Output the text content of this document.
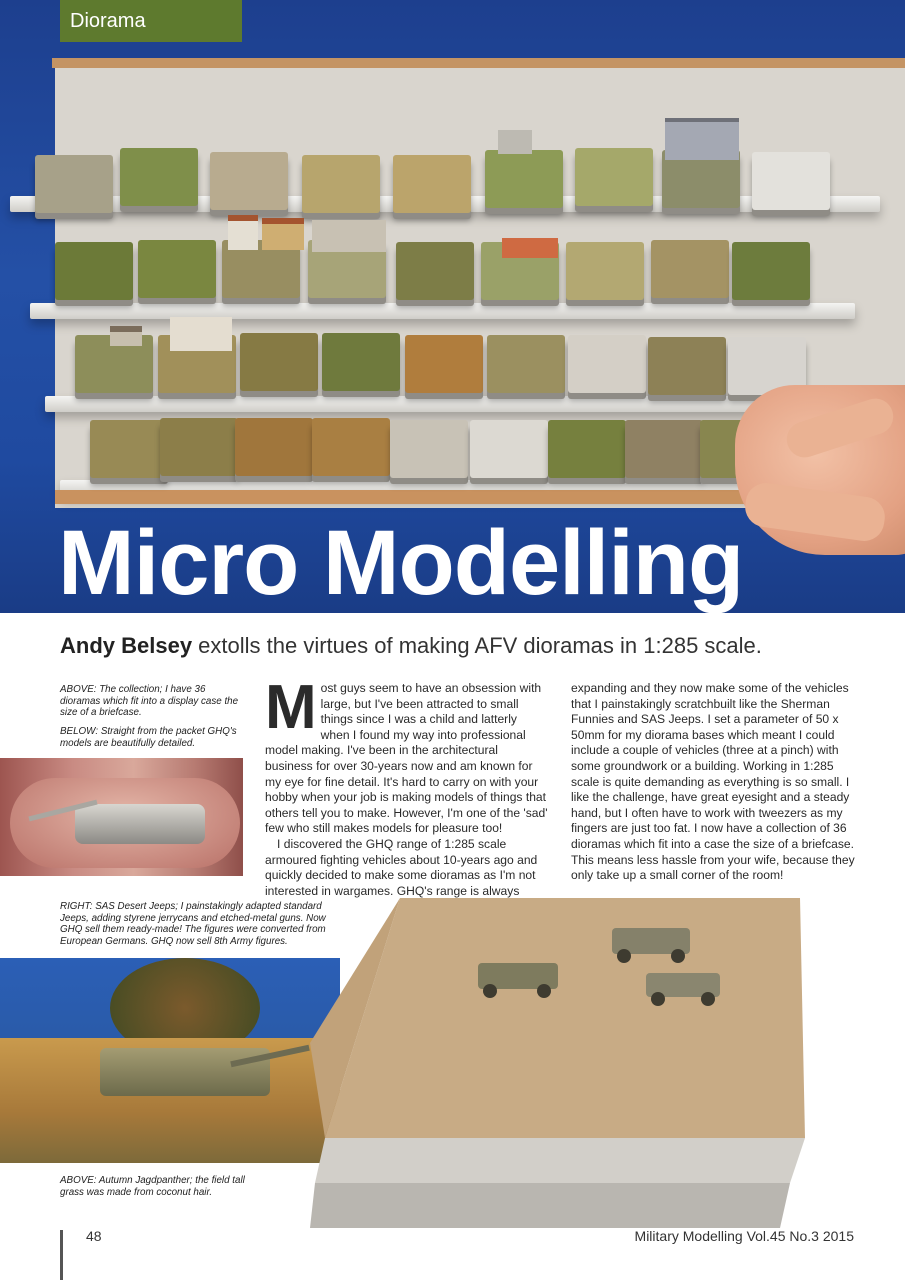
Diorama
Micro Modelling
Andy Belsey extolls the virtues of making AFV dioramas in 1:285 scale.
ABOVE: The collection; I have 36 dioramas which fit into a display case the size of a briefcase.
BELOW: Straight from the packet GHQ's models are beautifully detailed.

Most guys seem to have an obsession with large, but I've been attracted to small things since I was a child and latterly when I found my way into professional model making. I've been in the architectural business for over 30-years now and am known for my eye for fine detail. It's hard to carry on with your hobby when your job is making models of things that others tell you to make. However, I'm one of the 'sad' few who still makes models for pleasure too!

I discovered the GHQ range of 1:285 scale armoured fighting vehicles about 10-years ago and quickly decided to make some dioramas as I'm not interested in wargames. GHQ's range is always

expanding and they now make some of the vehicles that I painstakingly scratchbuilt like the Sherman Funnies and SAS Jeeps. I set a parameter of 50 x 50mm for my diorama bases which meant I could include a couple of vehicles (three at a pinch) with some groundwork or a building. Working in 1:285 scale is quite demanding as everything is so small. I like the challenge, have great eyesight and a steady hand, but I often have to work with tweezers as my fingers are just too fat. I now have a collection of 36 dioramas which fit into a case the size of a briefcase. This means less hassle from your wife, because they only take up a small corner of the room!

RIGHT: SAS Desert Jeeps; I painstakingly adapted standard Jeeps, adding styrene jerrycans and etched-metal guns. Now GHQ sell them ready-made! The figures were converted from European Germans. GHQ now sell 8th Army figures.
ABOVE: Autumn Jagdpanther; the field tall grass was made from coconut hair.
48	Military Modelling Vol.45 No.3 2015
